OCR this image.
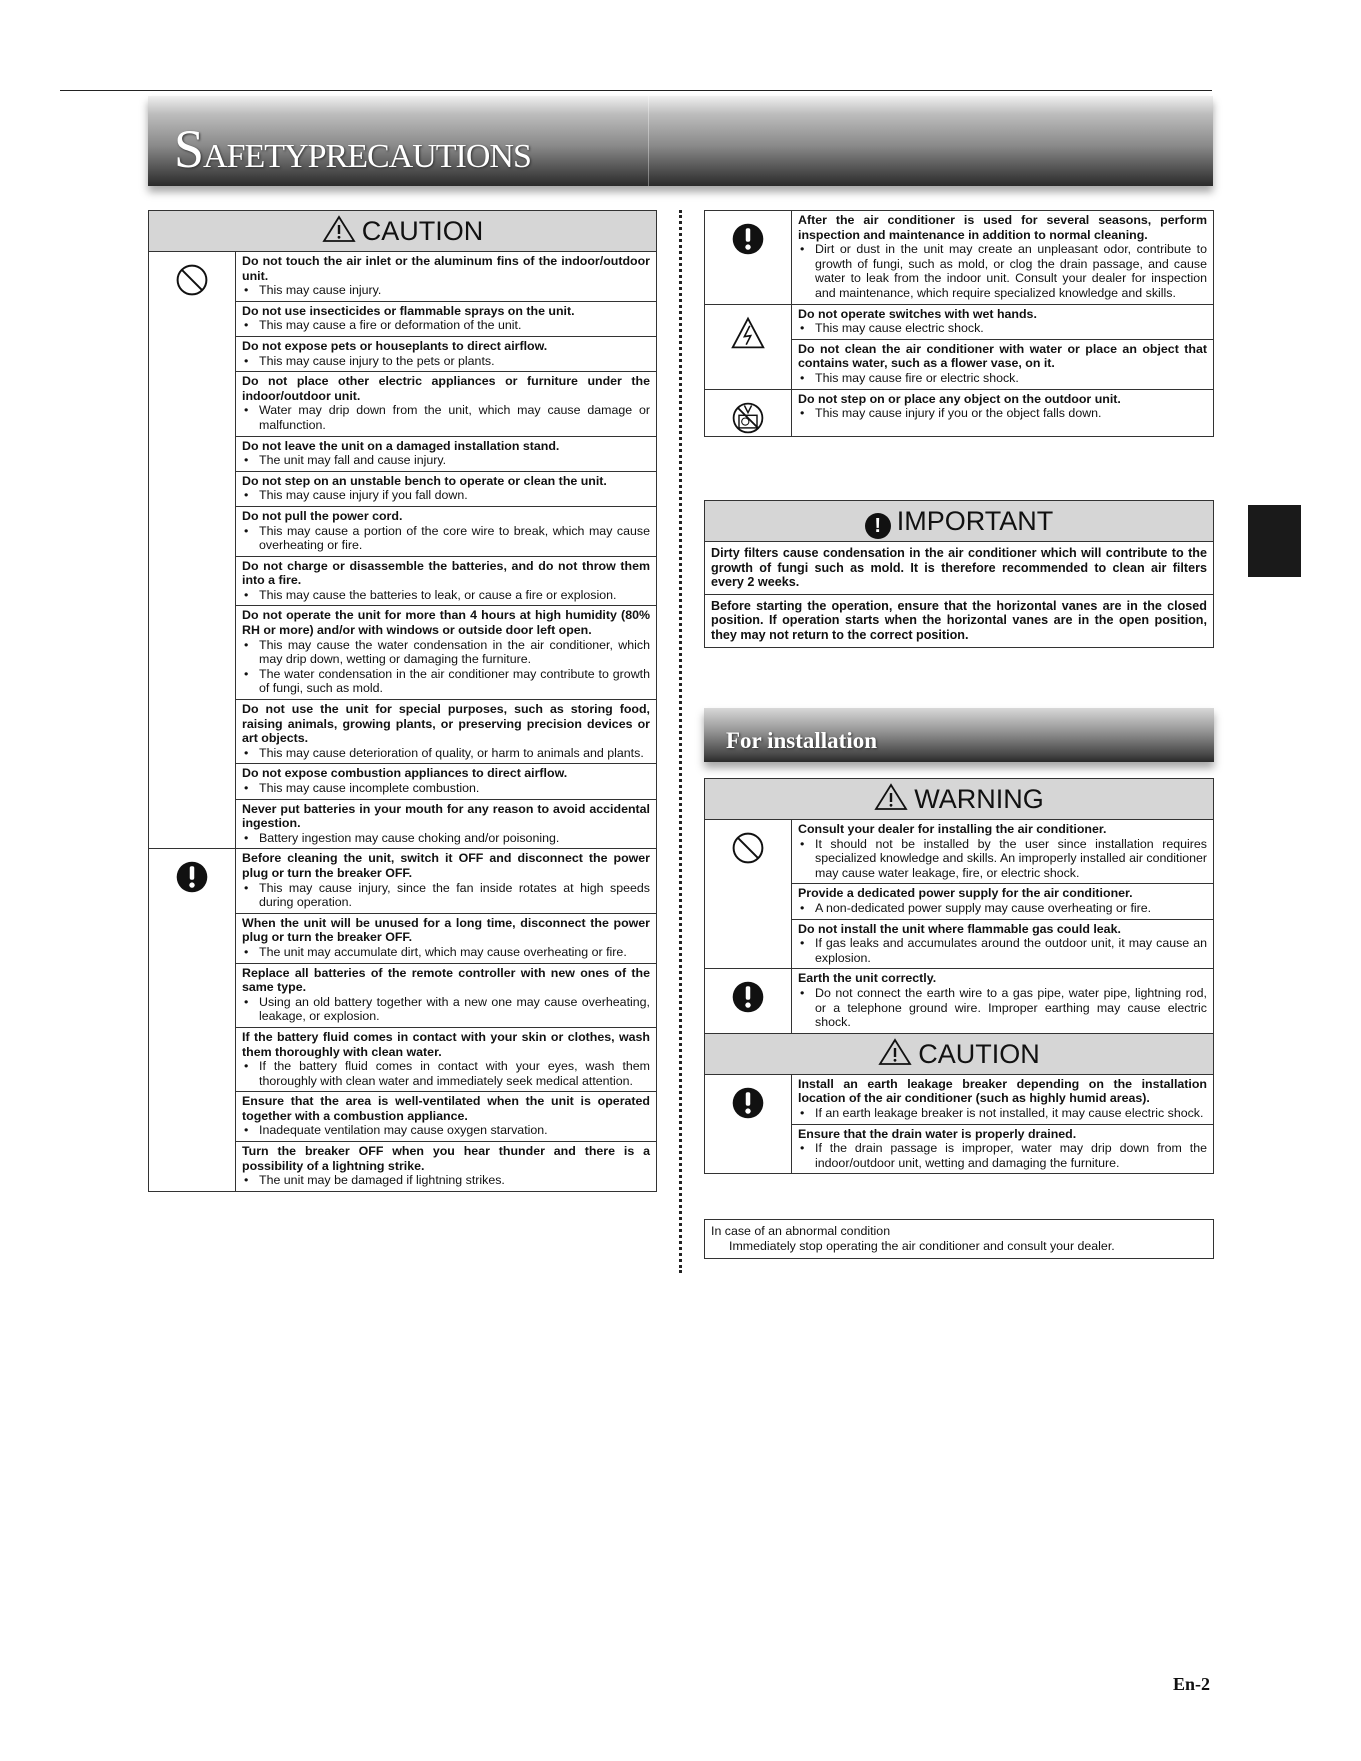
SAFETYPRECAUTIONS
CAUTION
Do not touch the air inlet or the aluminum fins of the indoor/outdoor unit.
• This may cause injury.
Do not use insecticides or flammable sprays on the unit.
• This may cause a fire or deformation of the unit.
Do not expose pets or houseplants to direct airflow.
• This may cause injury to the pets or plants.
Do not place other electric appliances or furniture under the indoor/outdoor unit.
• Water may drip down from the unit, which may cause damage or malfunction.
Do not leave the unit on a damaged installation stand.
• The unit may fall and cause injury.
Do not step on an unstable bench to operate or clean the unit.
• This may cause injury if you fall down.
Do not pull the power cord.
• This may cause a portion of the core wire to break, which may cause overheating or fire.
Do not charge or disassemble the batteries, and do not throw them into a fire.
• This may cause the batteries to leak, or cause a fire or explosion.
Do not operate the unit for more than 4 hours at high humidity (80% RH or more) and/or with windows or outside door left open.
• This may cause the water condensation in the air conditioner, which may drip down, wetting or damaging the furniture.
• The water condensation in the air conditioner may contribute to growth of fungi, such as mold.
Do not use the unit for special purposes, such as storing food, raising animals, growing plants, or preserving precision devices or art objects.
• This may cause deterioration of quality, or harm to animals and plants.
Do not expose combustion appliances to direct airflow.
• This may cause incomplete combustion.
Never put batteries in your mouth for any reason to avoid accidental ingestion.
• Battery ingestion may cause choking and/or poisoning.
Before cleaning the unit, switch it OFF and disconnect the power plug or turn the breaker OFF.
• This may cause injury, since the fan inside rotates at high speeds during operation.
When the unit will be unused for a long time, disconnect the power plug or turn the breaker OFF.
• The unit may accumulate dirt, which may cause overheating or fire.
Replace all batteries of the remote controller with new ones of the same type.
• Using an old battery together with a new one may cause overheating, leakage, or explosion.
If the battery fluid comes in contact with your skin or clothes, wash them thoroughly with clean water.
• If the battery fluid comes in contact with your eyes, wash them thoroughly with clean water and immediately seek medical attention.
Ensure that the area is well-ventilated when the unit is operated together with a combustion appliance.
• Inadequate ventilation may cause oxygen starvation.
Turn the breaker OFF when you hear thunder and there is a possibility of a lightning strike.
• The unit may be damaged if lightning strikes.
After the air conditioner is used for several seasons, perform inspection and maintenance in addition to normal cleaning.
• Dirt or dust in the unit may create an unpleasant odor, contribute to growth of fungi, such as mold, or clog the drain passage, and cause water to leak from the indoor unit. Consult your dealer for inspection and maintenance, which require specialized knowledge and skills.
Do not operate switches with wet hands.
• This may cause electric shock.
Do not clean the air conditioner with water or place an object that contains water, such as a flower vase, on it.
• This may cause fire or electric shock.
Do not step on or place any object on the outdoor unit.
• This may cause injury if you or the object falls down.
! IMPORTANT
Dirty filters cause condensation in the air conditioner which will contribute to the growth of fungi such as mold. It is therefore recommended to clean air filters every 2 weeks.
Before starting the operation, ensure that the horizontal vanes are in the closed position. If operation starts when the horizontal vanes are in the open position, they may not return to the correct position.
For installation
WARNING
Consult your dealer for installing the air conditioner.
• It should not be installed by the user since installation requires specialized knowledge and skills. An improperly installed air conditioner may cause water leakage, fire, or electric shock.
Provide a dedicated power supply for the air conditioner.
• A non-dedicated power supply may cause overheating or fire.
Do not install the unit where flammable gas could leak.
• If gas leaks and accumulates around the outdoor unit, it may cause an explosion.
Earth the unit correctly.
• Do not connect the earth wire to a gas pipe, water pipe, lightning rod, or a telephone ground wire. Improper earthing may cause electric shock.
CAUTION
Install an earth leakage breaker depending on the installation location of the air conditioner (such as highly humid areas).
• If an earth leakage breaker is not installed, it may cause electric shock.
Ensure that the drain water is properly drained.
• If the drain passage is improper, water may drip down from the indoor/outdoor unit, wetting and damaging the furniture.
In case of an abnormal condition
Immediately stop operating the air conditioner and consult your dealer.
En-2
